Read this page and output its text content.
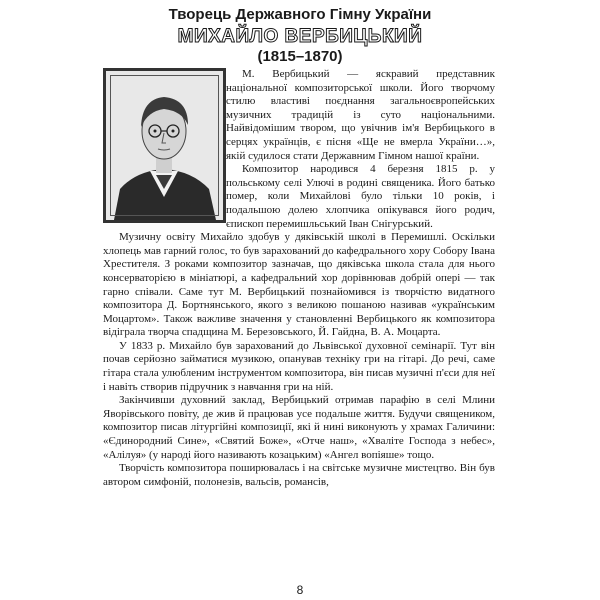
Творець Державного Гімну України
МИХАЙЛО ВЕРБИЦЬКИЙ
(1815–1870)

М. Вербицький — яскравий представник національної композиторської школи. Його творчому стилю властиві поєднання загальноєвропейських музичних традицій із суто національними. Найвідомішим твором, що увічнив ім'я Вербицького в серцях українців, є пісня «Ще не вмерла України…», якій судилося стати Державним Гімном нашої країни.

Композитор народився 4 березня 1815 р. у польському селі Улючі в родині священика. Його батько помер, коли Михайлові було тільки 10 років, і подальшою долею хлопчика опікувався його родич, єпископ перемишльський Іван Снігурський.

Музичну освіту Михайло здобув у дяківській школі в Перемишлі. Оскільки хлопець мав гарний голос, то був зарахований до кафедрального хору Собору Івана Хрестителя. З роками композитор зазначав, що дяківська школа стала для нього консерваторією в мініатюрі, а кафедральний хор дорівнював добрій опері — так гарно співали. Саме тут М. Вербицький познайомився із творчістю видатного композитора Д. Бортнянського, якого з великою пошаною називав «українським Моцартом». Також важливе значення у становленні Вербицького як композитора відіграла творча спадщина М. Березовського, Й. Гайдна, В. А. Моцарта.

У 1833 р. Михайло був зарахований до Львівської духовної семінарії. Тут він почав серйозно займатися музикою, опанував техніку гри на гітарі. До речі, саме гітара стала улюбленим інструментом композитора, він писав музичні п'єси для неї і навіть створив підручник з навчання гри на ній.

Закінчивши духовний заклад, Вербицький отримав парафію в селі Млини Яворівського повіту, де жив й працював усе подальше життя. Будучи священиком, композитор писав літургійні композиції, які й нині виконують у храмах Галичини: «Єдинородний Сине», «Святий Боже», «Отче наш», «Хваліте Господа з небес», «Алілуя» (у народі його називають козацьким) «Ангел вопіяше» тощо.

Творчість композитора поширювалась і на світське музичне мистецтво. Він був автором симфоній, полонезів, вальсів, романсів,

8
